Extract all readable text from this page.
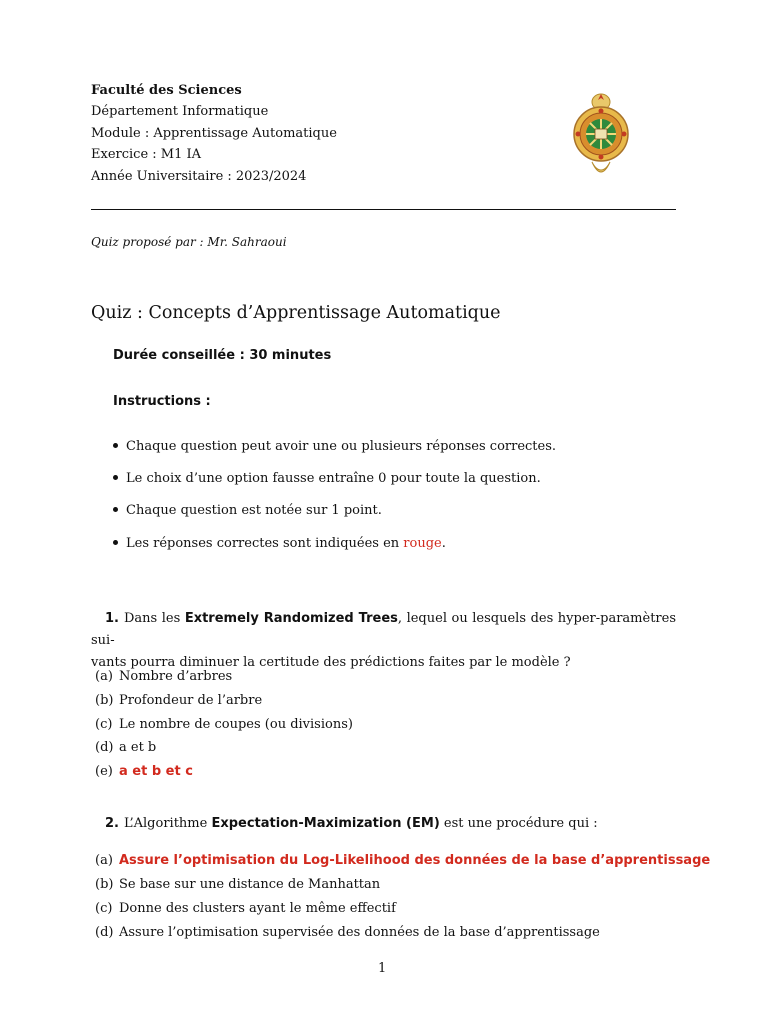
Faculté des Sciences
Département Informatique
Module : Apprentissage Automatique
Exercice : M1 IA
Année Universitaire : 2023/2024
Quiz proposé par : Mr. Sahraoui
Quiz : Concepts d’Apprentissage Automatique
Durée conseillée : 30 minutes
Instructions :
Chaque question peut avoir une ou plusieurs réponses correctes.
Le choix d’une option fausse entraîne 0 pour toute la question.
Chaque question est notée sur 1 point.
Les réponses correctes sont indiquées en rouge.
1. Dans les Extremely Randomized Trees, lequel ou lesquels des hyper-paramètres sui-
vants pourra diminuer la certitude des prédictions faites par le modèle ?
(a) Nombre d’arbres
(b) Profondeur de l’arbre
(c) Le nombre de coupes (ou divisions)
(d) a et b
(e) a et b et c
2. L’Algorithme Expectation-Maximization (EM) est une procédure qui :
(a) Assure l’optimisation du Log-Likelihood des données de la base d’apprentissage
(b) Se base sur une distance de Manhattan
(c) Donne des clusters ayant le même effectif
(d) Assure l’optimisation supervisée des données de la base d’apprentissage
1
